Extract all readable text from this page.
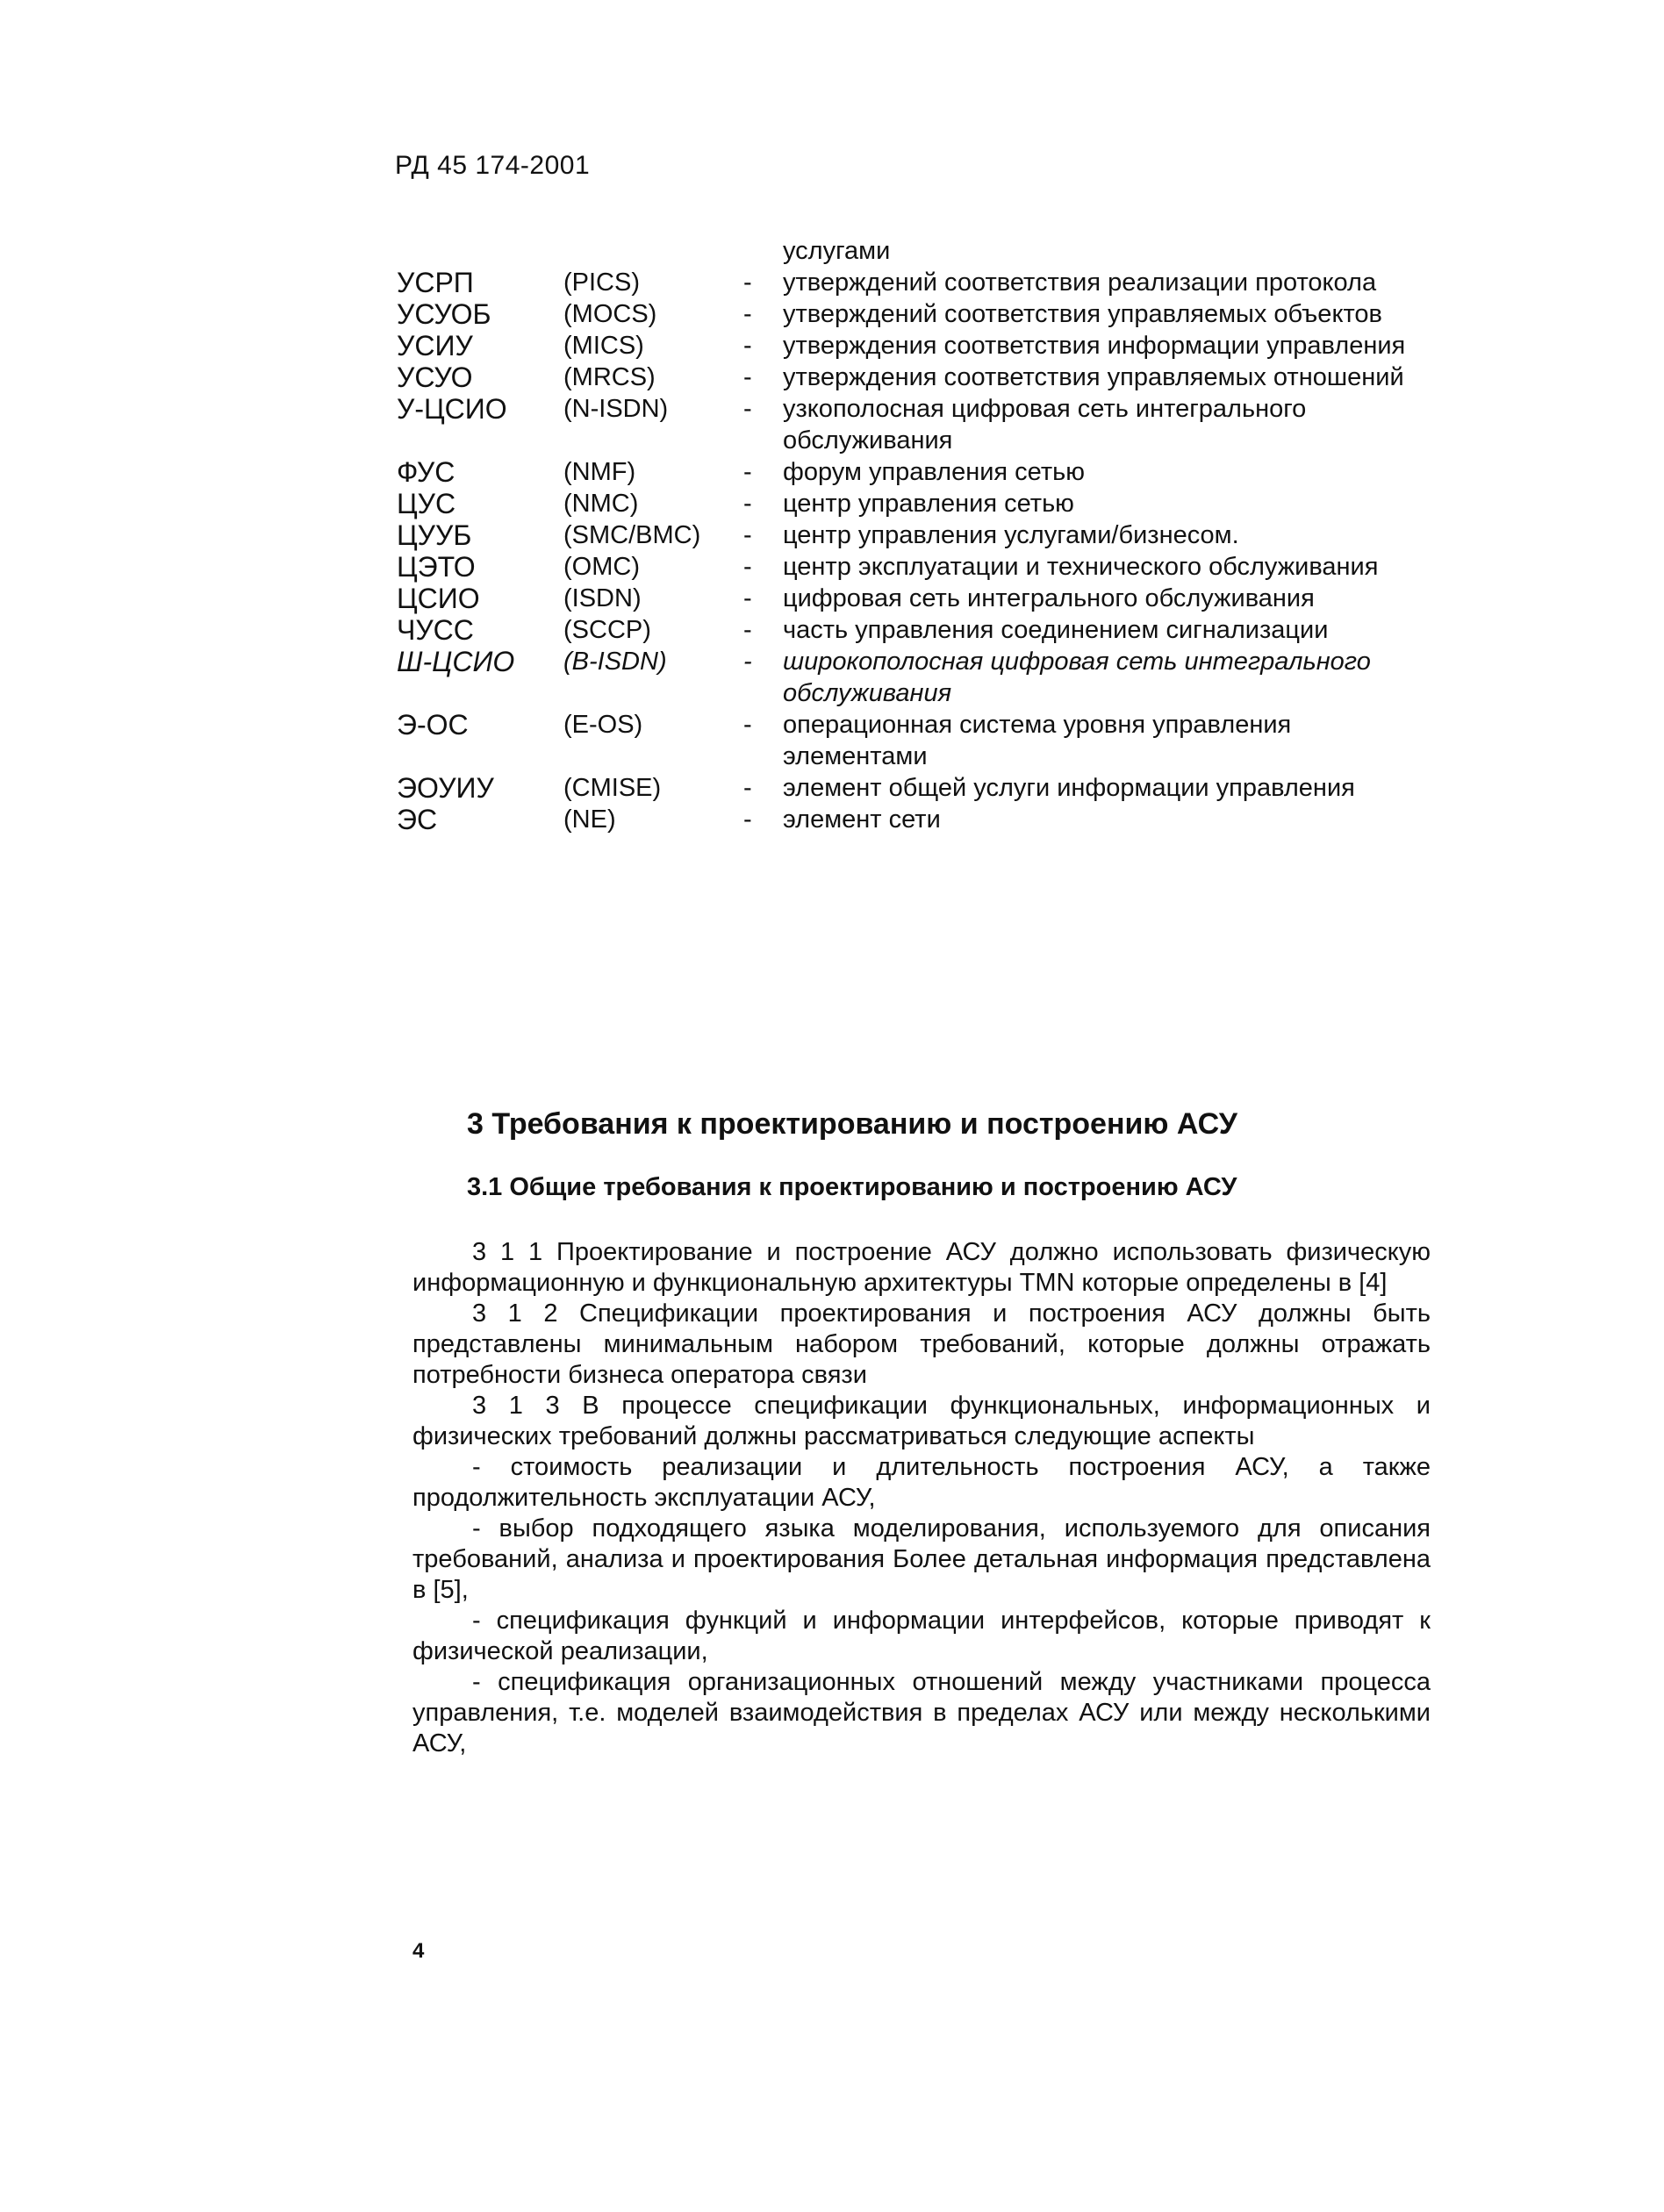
РД 45 174-2001
услугами
УСРП	(PICS)	-	утверждений соответствия реализации протокола
УСУОБ	(MOCS)	-	утверждений соответствия управляемых объектов
УСИУ	(MICS)	-	утверждения соответствия информации управления
УСУО	(MRCS)	-	утверждения соответствия управляемых отношений
У-ЦСИО	(N-ISDN)	-	узкополосная цифровая сеть интегрального обслуживания
ФУС	(NMF)	-	форум управления сетью
ЦУС	(NMC)	-	центр управления сетью
ЦУУБ	(SMC/BMC)	-	центр управления услугами/бизнесом.
ЦЭТО	(OMC)	-	центр эксплуатации и технического обслуживания
ЦСИО	(ISDN)	-	цифровая сеть интегрального обслуживания
ЧУСС	(SCCP)	-	часть управления соединением сигнализации
Ш-ЦСИО	(B-ISDN)	-	широкополосная цифровая сеть интегрального обслуживания
Э-ОС	(E-OS)	-	операционная система уровня управления элементами
ЭОУИУ	(CMISE)	-	элемент общей услуги информации управления
ЭС	(NE)	-	элемент сети
3 Требования к проектированию и построению АСУ
3.1 Общие требования к проектированию и построению АСУ

3 1 1 Проектирование и построение АСУ должно использовать физическую информационную и функциональную архитектуры TMN которые определены в [4]

3 1 2 Спецификации проектирования и построения АСУ должны быть представлены минимальным набором требований, которые должны отражать потребности бизнеса оператора связи

3 1 3 В процессе спецификации функциональных, информационных и физических требований должны рассматриваться следующие аспекты

- стоимость реализации и длительность построения АСУ, а также продолжительность эксплуатации АСУ,

- выбор подходящего языка моделирования, используемого для описания требований, анализа и проектирования Более детальная информация представлена в [5],

- спецификация функций и информации интерфейсов, которые приводят к физической реализации,

- спецификация организационных отношений между участниками процесса управления, т.е. моделей взаимодействия в пределах АСУ или между несколькими АСУ,

4
